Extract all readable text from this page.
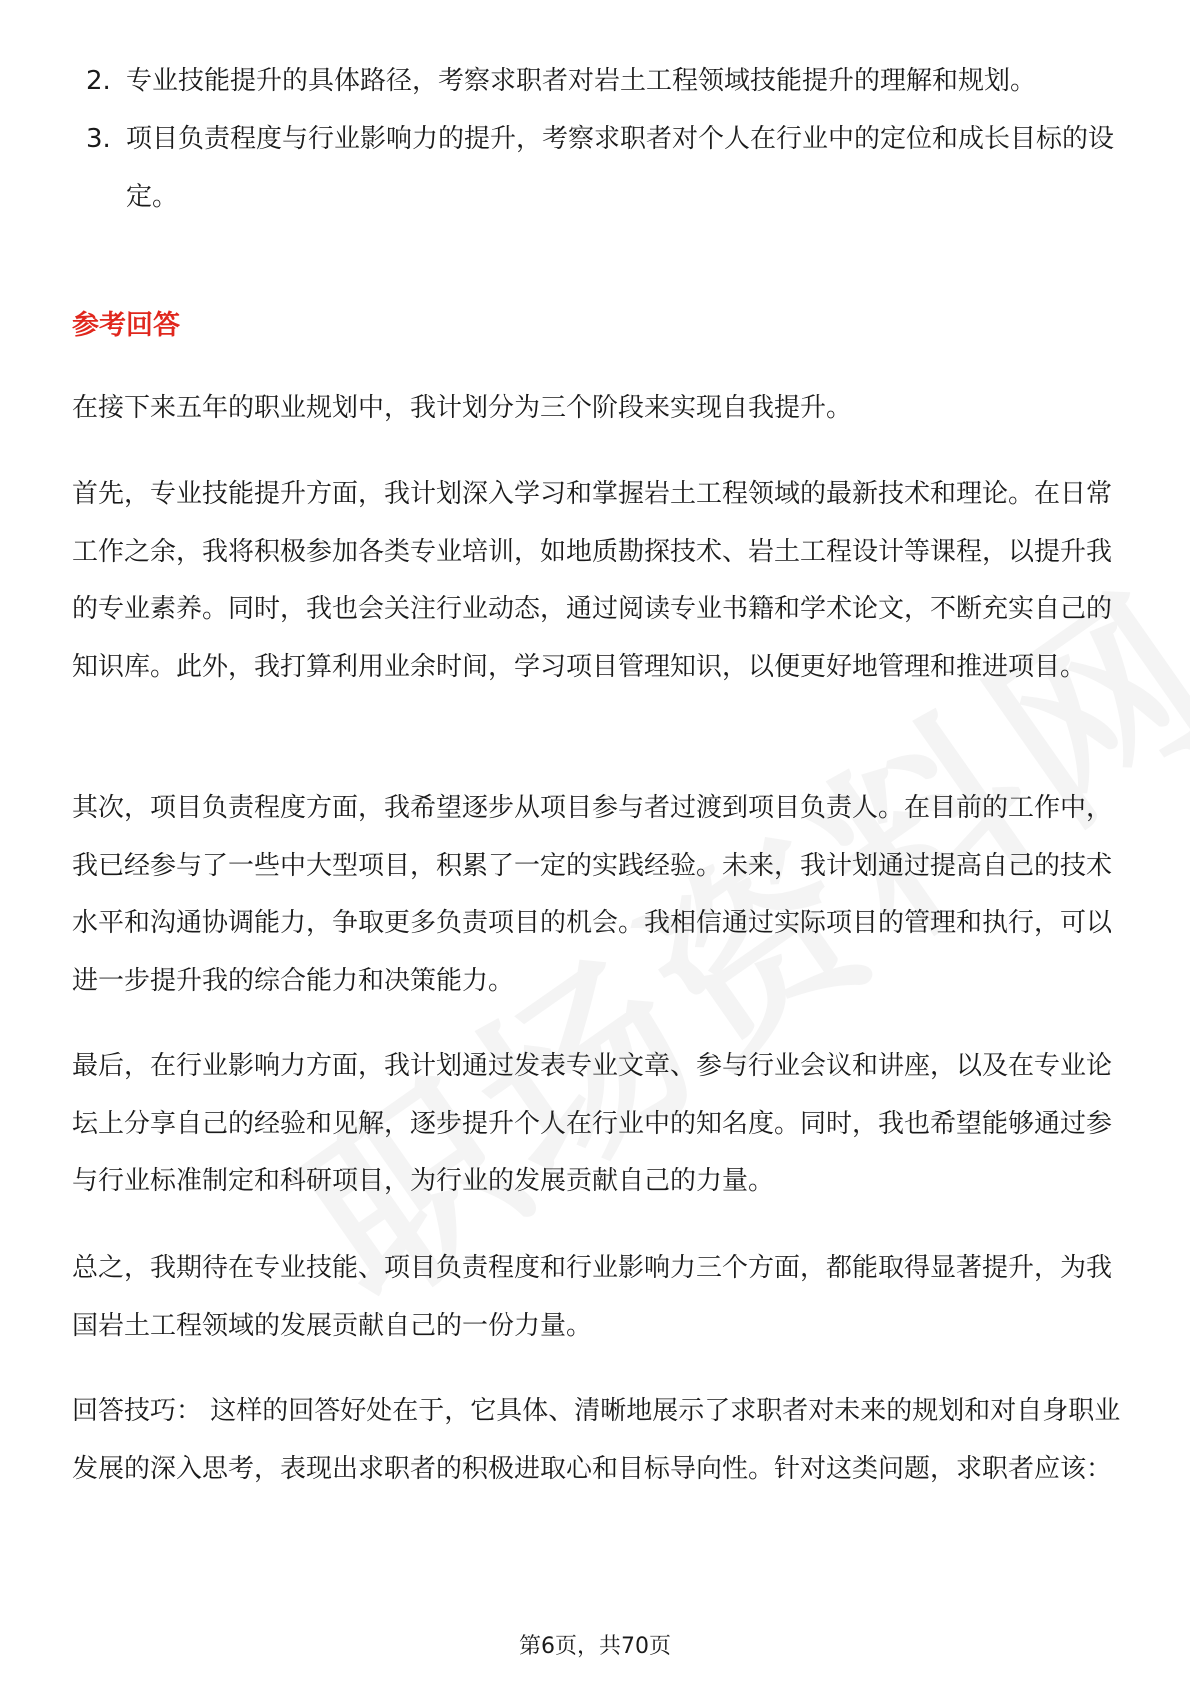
2. 专业技能提升的具体路径，考察求职者对岩土工程领域技能提升的理解和规划。
3. 项目负责程度与行业影响力的提升，考察求职者对个人在行业中的定位和成长目标的设定。
参考回答

在接下来五年的职业规划中，我计划分为三个阶段来实现自我提升。

首先，专业技能提升方面，我计划深入学习和掌握岩土工程领域的最新技术和理论。在日常工作之余，我将积极参加各类专业培训，如地质勘探技术、岩土工程设计等课程，以提升我的专业素养。同时，我也会关注行业动态，通过阅读专业书籍和学术论文，不断充实自己的知识库。此外，我打算利用业余时间，学习项目管理知识，以便更好地管理和推进项目。

其次，项目负责程度方面，我希望逐步从项目参与者过渡到项目负责人。在目前的工作中，我已经参与了一些中大型项目，积累了一定的实践经验。未来，我计划通过提高自己的技术水平和沟通协调能力，争取更多负责项目的机会。我相信通过实际项目的管理和执行，可以进一步提升我的综合能力和决策能力。

最后，在行业影响力方面，我计划通过发表专业文章、参与行业会议和讲座，以及在专业论坛上分享自己的经验和见解，逐步提升个人在行业中的知名度。同时，我也希望能够通过参与行业标准制定和科研项目，为行业的发展贡献自己的力量。

总之，我期待在专业技能、项目负责程度和行业影响力三个方面，都能取得显著提升，为我国岩土工程领域的发展贡献自己的一份力量。

回答技巧： 这样的回答好处在于，它具体、清晰地展示了求职者对未来的规划和对自身职业发展的深入思考，表现出求职者的积极进取心和目标导向性。针对这类问题，求职者应该：

第6页，共70页
